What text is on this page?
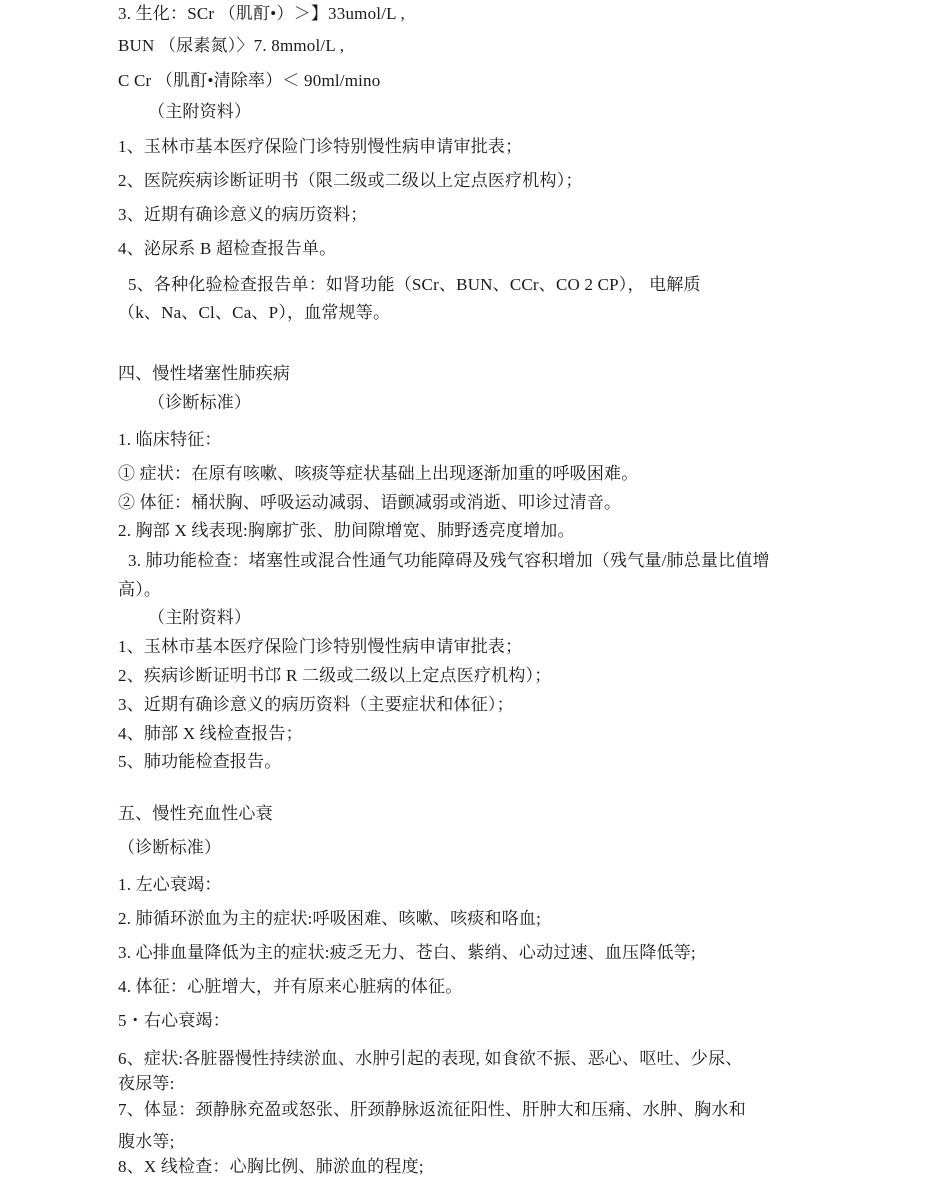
3. 生化：SCr （肌酊•）＞】33umol/L ,
BUN （尿素氮）〉7. 8mmol/L ,
C Cr （肌酊•清除率）＜ 90ml/mino
（主附资料）
1、玉林市基本医疗保险门诊特别慢性病申请审批表；
2、医院疾病诊断证明书（限二级或二级以上定点医疗机构）；
3、近期有确诊意义的病历资料；
4、泌尿系 B 超检查报告单。
5、各种化验检查报告单：如肾功能（SCr、BUN、CCr、CO 2 CP）， 电解质
（k、Na、Cl、Ca、P），血常规等。
四、慢性堵塞性肺疾病
（诊断标准）
1. 临床特征：
① 症状：在原有咳嗽、咳痰等症状基础上出现逐渐加重的呼吸困难。
② 体征：桶状胸、呼吸运动减弱、语颤减弱或消逝、叩诊过清音。
2. 胸部 X 线表现:胸廓扩张、肋间隙增宽、肺野透亮度增加。
3. 肺功能检查：堵塞性或混合性通气功能障碍及残气容积增加（残气量/肺总量比值增
高）。
（主附资料）
1、玉林市基本医疗保险门诊特别慢性病申请审批表；
2、疾病诊断证明书邙 R 二级或二级以上定点医疗机构）；
3、近期有确诊意义的病历资料（主要症状和体征）；
4、肺部 X 线检查报告；
5、肺功能检查报告。
五、慢性充血性心衰
（诊断标准）
1. 左心衰竭：
2. 肺循环淤血为主的症状:呼吸困难、咳嗽、咳痰和咯血;
3. 心排血量降低为主的症状:疲乏无力、苍白、紫绡、心动过速、血压降低等;
4. 体征：心脏增大，并有原来心脏病的体征。
5・右心衰竭：
6、症状:各脏器慢性持续淤血、水肿引起的表现, 如食欲不振、恶心、呕吐、少尿、
夜尿等:
7、体显：颈静脉充盈或怒张、肝颈静脉返流征阳性、肝肿大和压痛、水肿、胸水和
腹水等;
8、X 线检查：心胸比例、肺淤血的程度;
